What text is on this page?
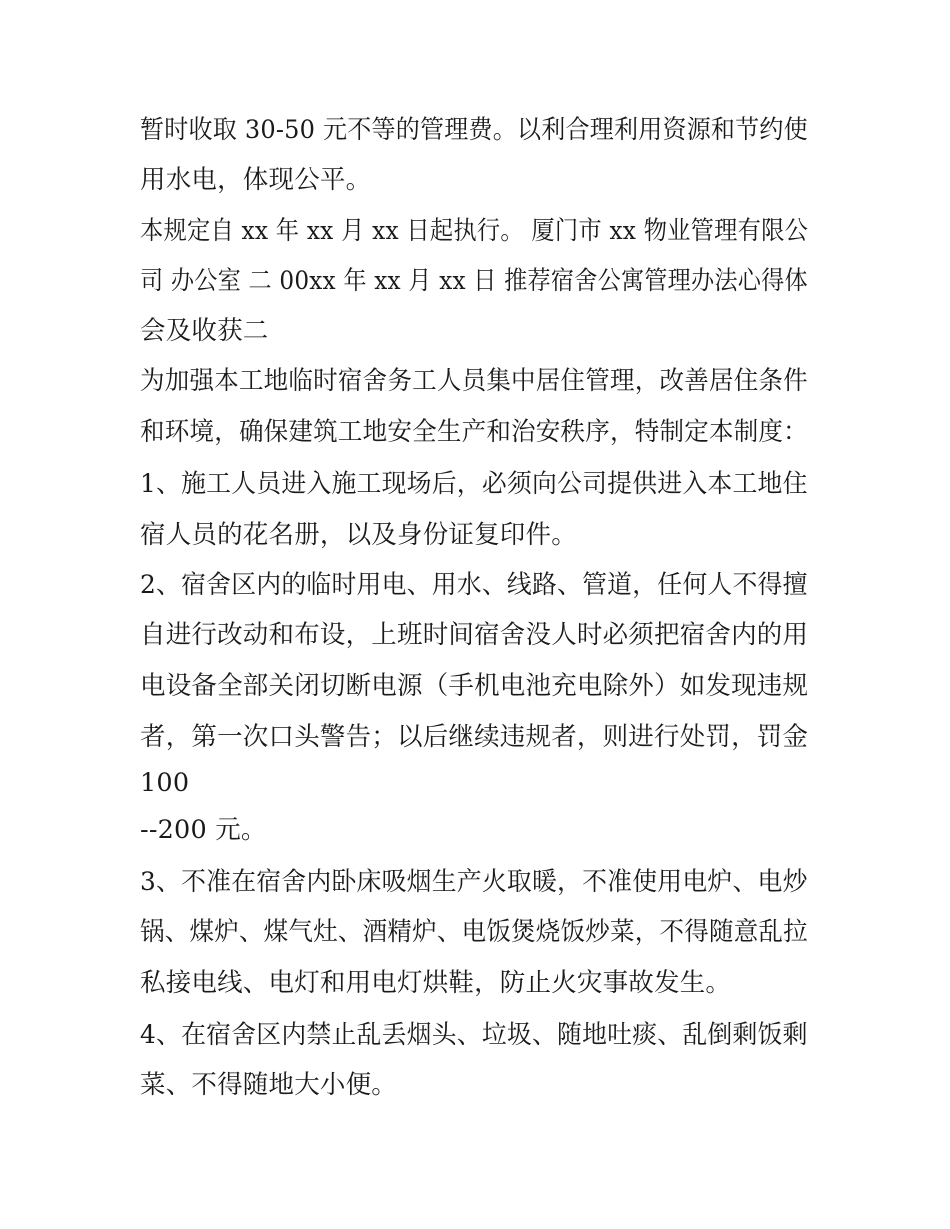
暂时收取 30-50 元不等的管理费。以利合理利用资源和节约使
用水电，体现公平。
本规定自 xx 年 xx 月 xx 日起执行。 厦门市 xx 物业管理有限公
司 办公室 二 00xx 年 xx 月 xx 日 推荐宿舍公寓管理办法心得体
会及收获二
为加强本工地临时宿舍务工人员集中居住管理，改善居住条件
和环境，确保建筑工地安全生产和治安秩序，特制定本制度：
1、施工人员进入施工现场后，必须向公司提供进入本工地住
宿人员的花名册，以及身份证复印件。
2、宿舍区内的临时用电、用水、线路、管道，任何人不得擅
自进行改动和布设，上班时间宿舍没人时必须把宿舍内的用
电设备全部关闭切断电源（手机电池充电除外）如发现违规
者，第一次口头警告；以后继续违规者，则进行处罚，罚金
100
--200 元。
3、不准在宿舍内卧床吸烟生产火取暖，不准使用电炉、电炒
锅、煤炉、煤气灶、酒精炉、电饭煲烧饭炒菜，不得随意乱拉
私接电线、电灯和用电灯烘鞋，防止火灾事故发生。
4、在宿舍区内禁止乱丢烟头、垃圾、随地吐痰、乱倒剩饭剩
菜、不得随地大小便。
